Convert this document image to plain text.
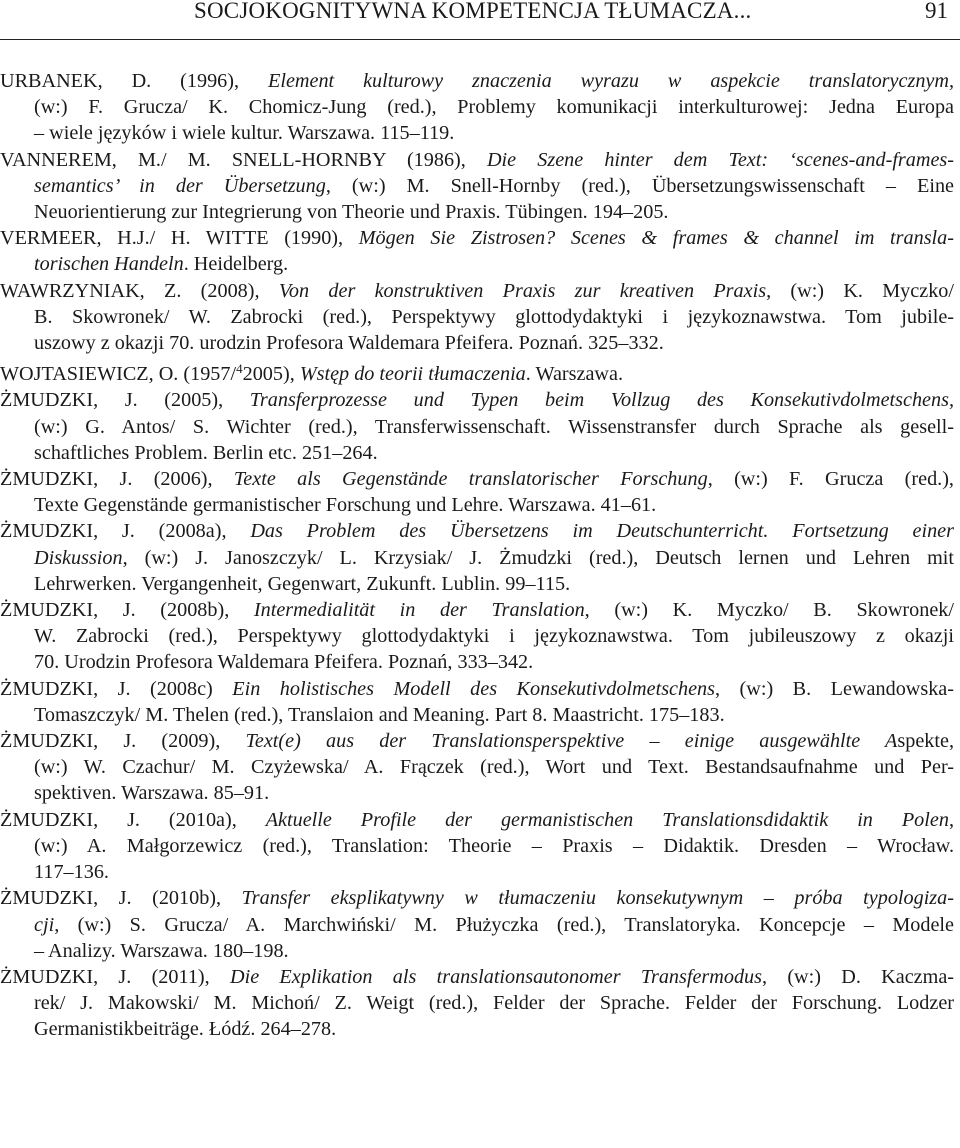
SOCJOKOGNITYWNA KOMPETENCJA TŁUMACZA...	91
URBANEK, D. (1996), Element kulturowy znaczenia wyrazu w aspekcie translatorycznym,
(w:) F. Grucza/ K. Chomicz-Jung (red.), Problemy komunikacji interkulturowej: Jedna Europa
– wiele języków i wiele kultur. Warszawa. 115–119.
VANNEREM, M./ M. SNELL-HORNBY (1986), Die Szene hinter dem Text: ‘scenes-and-frames-
semantics’ in der Übersetzung, (w:) M. Snell-Hornby (red.), Übersetzungswissenschaft – Eine
Neuorientierung zur Integrierung von Theorie und Praxis. Tübingen. 194–205.
VERMEER, H.J./ H. WITTE (1990), Mögen Sie Zistrosen? Scenes & frames & channel im transla-
torischen Handeln. Heidelberg.
WAWRZYNIAK, Z. (2008), Von der konstruktiven Praxis zur kreativen Praxis, (w:) K. Myczko/
B. Skowronek/ W. Zabrocki (red.), Perspektywy glottodydaktyki i językoznawstwa. Tom jubile-
uszowy z okazji 70. urodzin Profesora Waldemara Pfeifera. Poznań. 325–332.
WOJTASIEWICZ, O. (1957/$^4$2005), Wstęp do teorii tłumaczenia. Warszawa.
ŻMUDZKI, J. (2005), Transferprozesse und Typen beim Vollzug des Konsekutivdolmetschens,
(w:) G. Antos/ S. Wichter (red.), Transferwissenschaft. Wissenstransfer durch Sprache als gesell-
schaftliches Problem. Berlin etc. 251–264.
ŻMUDZKI, J. (2006), Texte als Gegenstände translatorischer Forschung, (w:) F. Grucza (red.),
Texte Gegenstände germanistischer Forschung und Lehre. Warszawa. 41–61.
ŻMUDZKI, J. (2008a), Das Problem des Übersetzens im Deutschunterricht. Fortsetzung einer
Diskussion, (w:) J. Janoszczyk/ L. Krzysiak/ J. Żmudzki (red.), Deutsch lernen und Lehren mit
Lehrwerken. Vergangenheit, Gegenwart, Zukunft. Lublin. 99–115.
ŻMUDZKI, J. (2008b), Intermedialität in der Translation, (w:) K. Myczko/ B. Skowronek/
W. Zabrocki (red.), Perspektywy glottodydaktyki i językoznawstwa. Tom jubileuszowy z okazji
70. Urodzin Profesora Waldemara Pfeifera. Poznań, 333–342.
ŻMUDZKI, J. (2008c) Ein holistisches Modell des Konsekutivdolmetschens, (w:) B. Lewandowska-
Tomaszczyk/ M. Thelen (red.), Translaion and Meaning. Part 8. Maastricht. 175–183.
ŻMUDZKI, J. (2009), Text(e) aus der Translationsperspektive – einige ausgewählte Aspekte,
(w:) W. Czachur/ M. Czyżewska/ A. Frączek (red.), Wort und Text. Bestandsaufnahme und Per-
spektiven. Warszawa. 85–91.
ŻMUDZKI, J. (2010a), Aktuelle Profile der germanistischen Translationsdidaktik in Polen,
(w:) A. Małgorzewicz (red.), Translation: Theorie – Praxis – Didaktik. Dresden – Wrocław.
117–136.
ŻMUDZKI, J. (2010b), Transfer eksplikatywny w tłumaczeniu konsekutywnym – próba typologiza-
cji, (w:) S. Grucza/ A. Marchwiński/ M. Płużyczka (red.), Translatoryka. Koncepcje – Modele
– Analizy. Warszawa. 180–198.
ŻMUDZKI, J. (2011), Die Explikation als translationsautonomer Transfermodus, (w:) D. Kaczma-
rek/ J. Makowski/ M. Michoń/ Z. Weigt (red.), Felder der Sprache. Felder der Forschung. Lodzer
Germanistikbeiträge. Łódź. 264–278.
